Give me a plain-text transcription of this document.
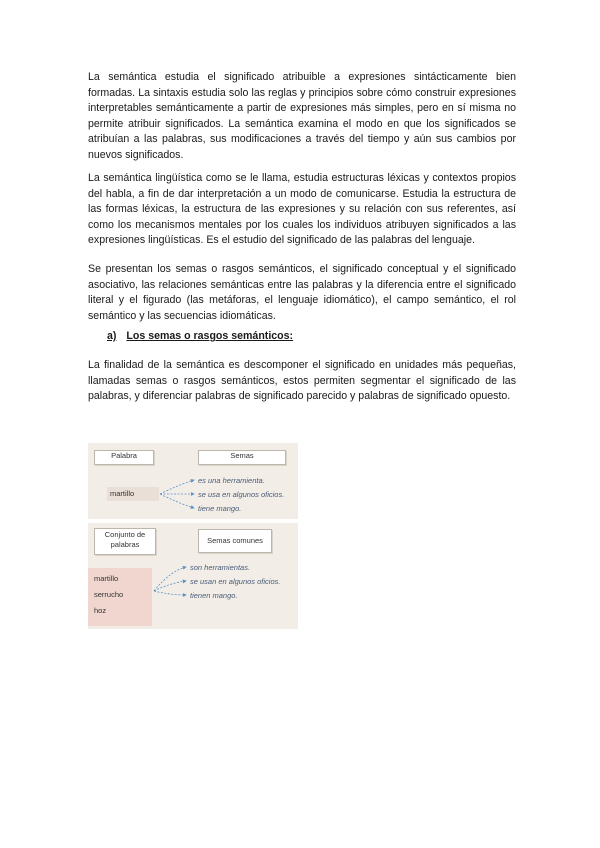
La semántica estudia el significado atribuible a expresiones sintácticamente bien formadas. La sintaxis estudia solo las reglas y principios sobre cómo construir expresiones interpretables semánticamente a partir de expresiones más simples, pero en sí misma no permite atribuir significados. La semántica examina el modo en que los significados se atribuían a las palabras, sus modificaciones a través del tiempo y aún sus cambios por nuevos significados.

La semántica lingüística como se le llama, estudia estructuras léxicas y contextos propios del habla, a fin de dar interpretación a un modo de comunicarse. Estudia la estructura de las formas léxicas, la estructura de las expresiones y su relación con sus referentes, así como los mecanismos mentales por los cuales los individuos atribuyen significados a las expresiones lingüísticas. Es el estudio del significado de las palabras del lenguaje.

Se presentan los semas o rasgos semánticos, el significado conceptual y el significado asociativo, las relaciones semánticas entre las palabras y la diferencia entre el significado literal y el figurado (las metáforas, el lenguaje idiomático), el campo semántico, el rol semántico y las secuencias idiomáticas.

a) Los semas o rasgos semánticos:

La finalidad de la semántica es descomponer el significado en unidades más pequeñas, llamadas semas o rasgos semánticos, estos permiten segmentar el significado de las palabras, y diferenciar palabras de significado parecido y palabras de significado opuesto.

Palabra	Semas
martillo
es una herramienta.
se usa en algunos oficios.
tiene mango.
Conjunto de
palabras	Semas comunes
martillo
serrucho
hoz
son herramientas.
se usan en algunos oficios.
tienen mango.
